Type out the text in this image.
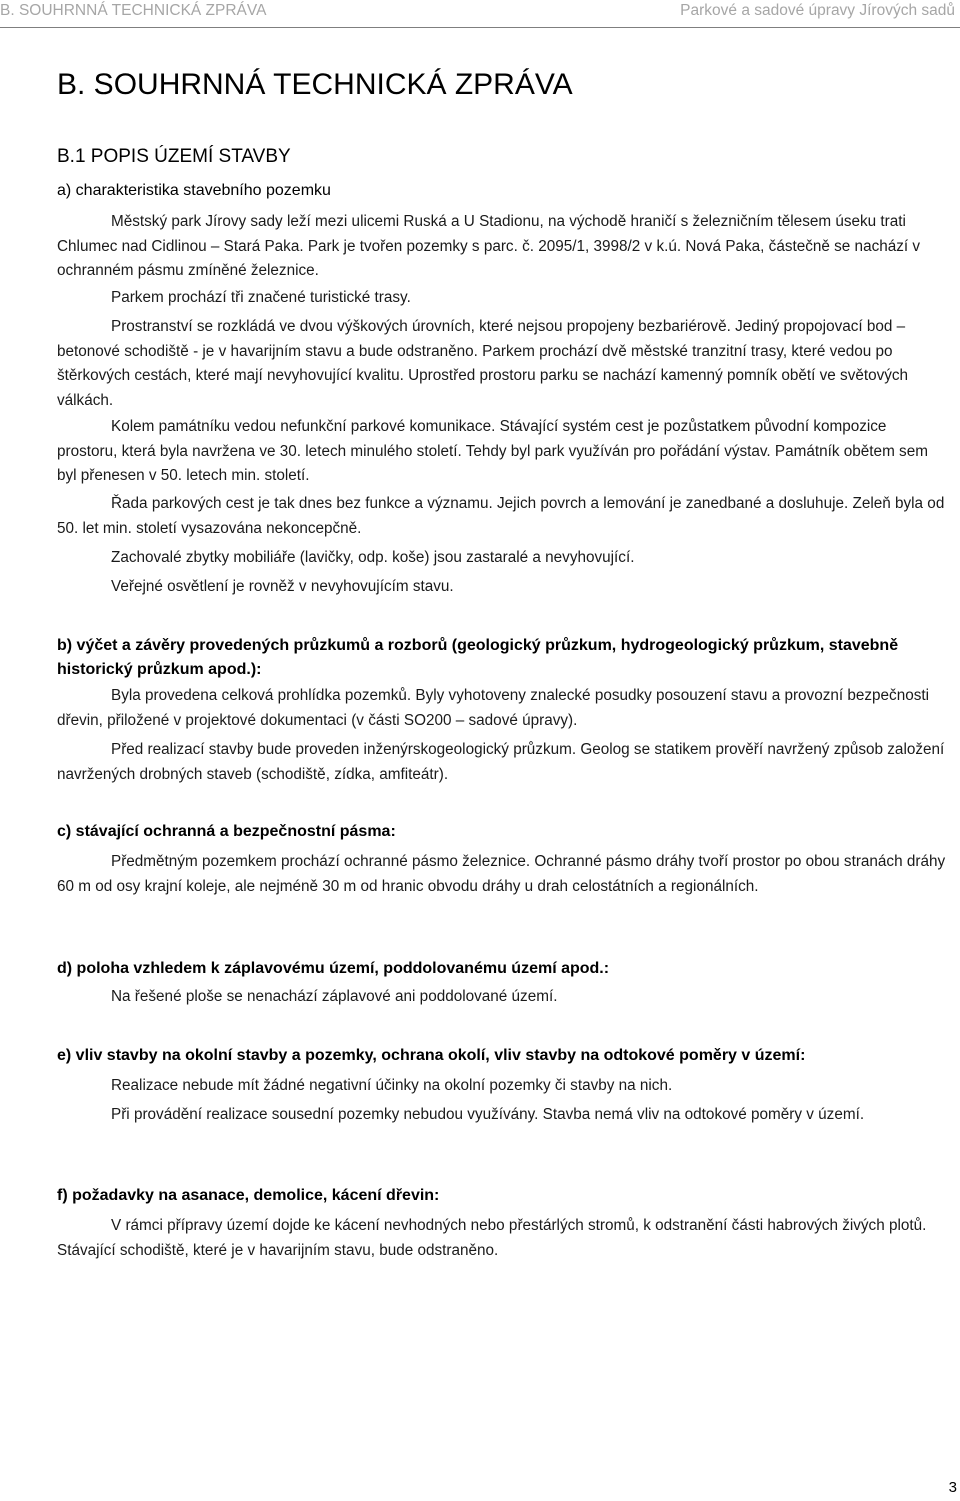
B. SOUHRNNÁ TECHNICKÁ ZPRÁVA	Parkové a sadové úpravy Jírových sadů
B. SOUHRNNÁ TECHNICKÁ ZPRÁVA
B.1 POPIS ÚZEMÍ STAVBY
a) charakteristika stavebního pozemku

Městský park Jírovy sady leží mezi ulicemi Ruská a U Stadionu, na východě hraničí s železničním tělesem úseku trati Chlumec nad Cidlinou – Stará Paka. Park je tvořen pozemky s parc. č. 2095/1, 3998/2 v k.ú. Nová Paka, částečně se nachází v ochranném pásmu zmíněné železnice.

Parkem prochází tři značené turistické trasy.

Prostranství se rozkládá ve dvou výškových úrovních, které nejsou propojeny bezbariérově. Jediný propojovací bod – betonové schodiště - je v havarijním stavu a bude odstraněno. Parkem prochází dvě městské tranzitní trasy, které vedou po štěrkových cestách, které mají nevyhovující kvalitu. Uprostřed prostoru parku se nachází kamenný pomník obětí ve světových válkách.

Kolem památníku vedou nefunkční parkové komunikace. Stávající systém cest je pozůstatkem původní kompozice prostoru, která byla navržena ve 30. letech minulého století. Tehdy byl park využíván pro pořádání výstav. Památník obětem sem byl přenesen v 50. letech min. století.

Řada parkových cest je tak dnes bez funkce a významu. Jejich povrch a lemování je zanedbané a dosluhuje. Zeleň byla od 50. let min. století vysazována nekoncepčně.

Zachovalé zbytky mobiliáře (lavičky, odp. koše) jsou zastaralé a nevyhovující.

Veřejné osvětlení je rovněž v nevyhovujícím stavu.

b) výčet a závěry provedených průzkumů a rozborů (geologický průzkum, hydrogeologický průzkum, stavebně historický průzkum apod.):

Byla provedena celková prohlídka pozemků. Byly vyhotoveny znalecké posudky posouzení stavu a provozní bezpečnosti dřevin, přiložené v projektové dokumentaci (v části SO200 – sadové úpravy).

Před realizací stavby bude proveden inženýrskogeologický průzkum. Geolog se statikem prověří navržený způsob založení navržených drobných staveb (schodiště, zídka, amfiteátr).

c) stávající ochranná a bezpečnostní pásma:

Předmětným pozemkem prochází ochranné pásmo železnice. Ochranné pásmo dráhy tvoří prostor po obou stranách dráhy 60 m od osy krajní koleje, ale nejméně 30 m od hranic obvodu dráhy u drah celostátních a regionálních.

d) poloha vzhledem k záplavovému území, poddolovanému území apod.:

Na řešené ploše se nenachází záplavové ani poddolované území.

e) vliv stavby na okolní stavby a pozemky, ochrana okolí, vliv stavby na odtokové poměry v území:

Realizace nebude mít žádné negativní účinky na okolní pozemky či stavby na nich.

Při provádění realizace sousední pozemky nebudou využívány. Stavba nemá vliv na odtokové poměry v území.

f) požadavky na asanace, demolice, kácení dřevin:

V rámci přípravy území dojde ke kácení nevhodných nebo přestárlých stromů, k odstranění části habrových živých plotů. Stávající schodiště, které je v havarijním stavu, bude odstraněno.

3
